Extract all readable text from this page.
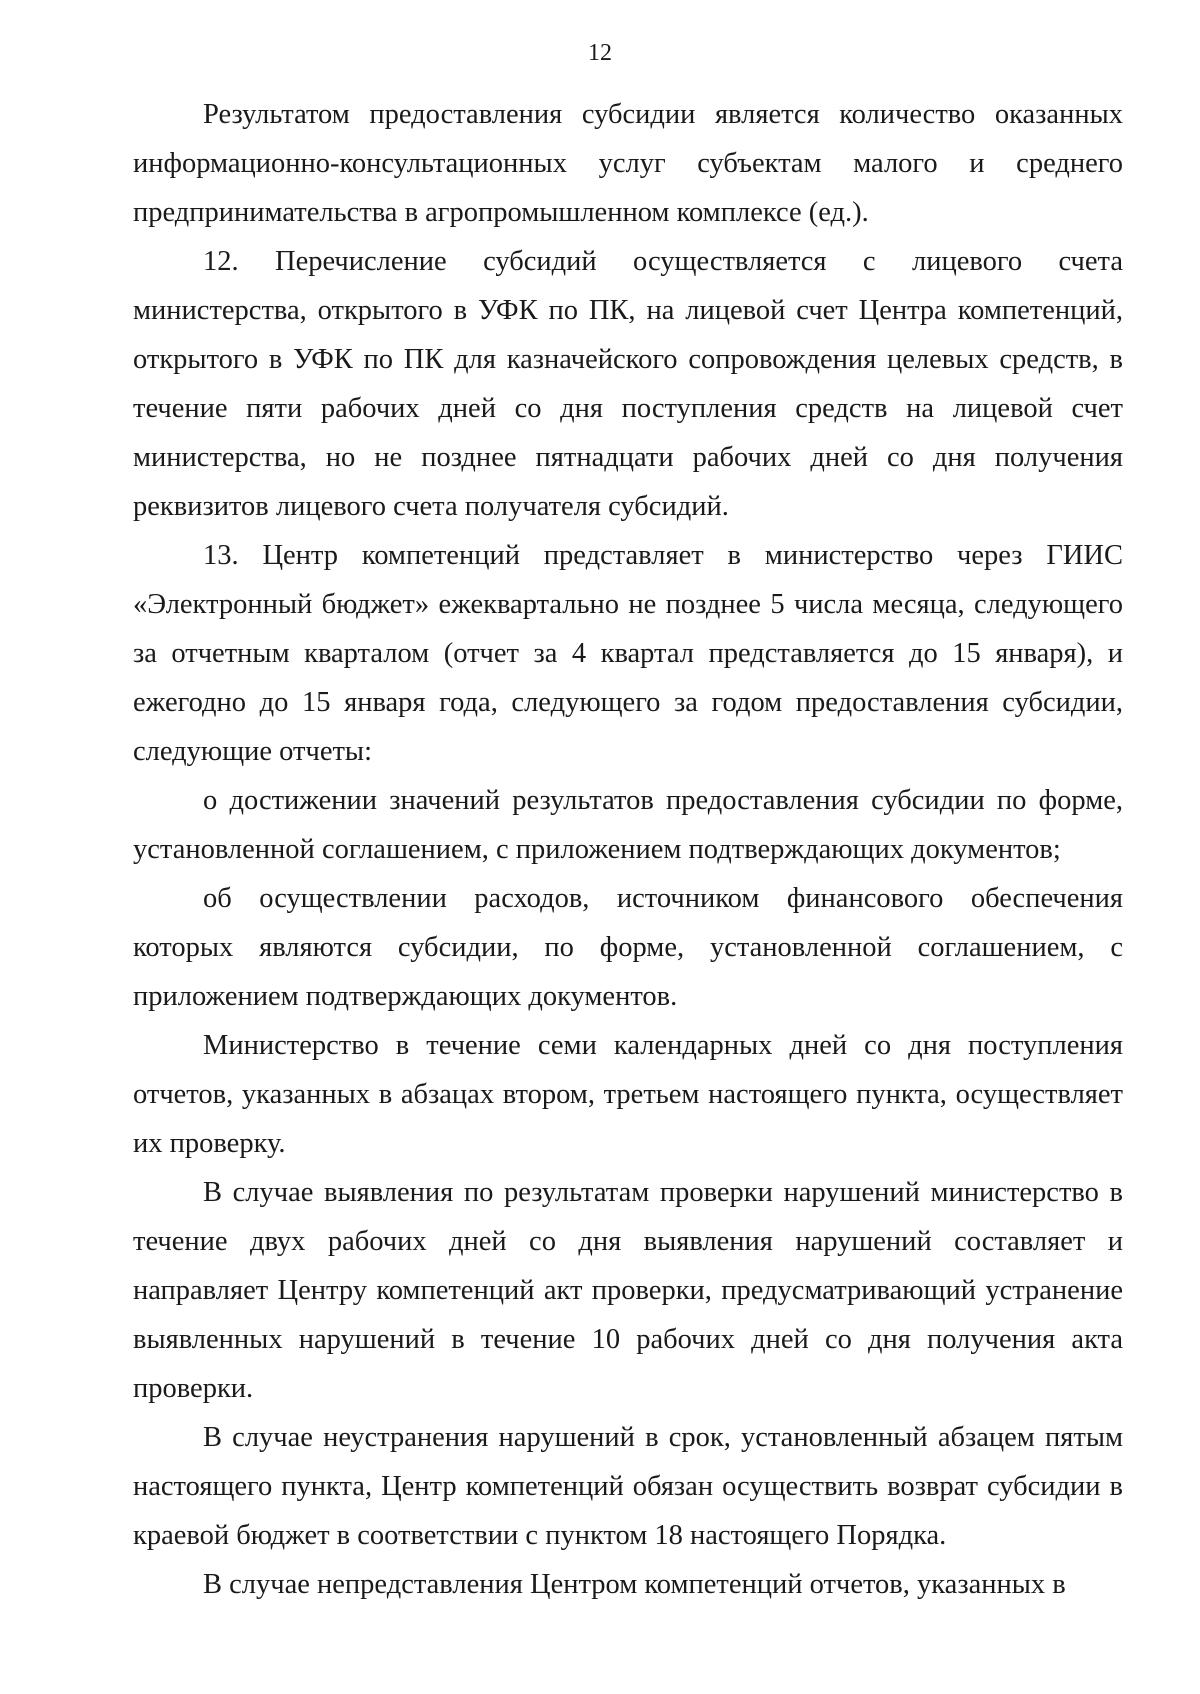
12

Результатом предоставления субсидии является количество оказанных информационно-консультационных услуг субъектам малого и среднего предпринимательства в агропромышленном комплексе (ед.).

12. Перечисление субсидий осуществляется с лицевого счета министерства, открытого в УФК по ПК, на лицевой счет Центра компетенций, открытого в УФК по ПК для казначейского сопровождения целевых средств, в течение пяти рабочих дней со дня поступления средств на лицевой счет министерства, но не позднее пятнадцати рабочих дней со дня получения реквизитов лицевого счета получателя субсидий.

13. Центр компетенций представляет в министерство через ГИИС «Электронный бюджет» ежеквартально не позднее 5 числа месяца, следующего за отчетным кварталом (отчет за 4 квартал представляется до 15 января), и ежегодно до 15 января года, следующего за годом предоставления субсидии, следующие отчеты:

о достижении значений результатов предоставления субсидии по форме, установленной соглашением, с приложением подтверждающих документов;

об осуществлении расходов, источником финансового обеспечения которых являются субсидии, по форме, установленной соглашением, с приложением подтверждающих документов.

Министерство в течение семи календарных дней со дня поступления отчетов, указанных в абзацах втором, третьем настоящего пункта, осуществляет их проверку.

В случае выявления по результатам проверки нарушений министерство в течение двух рабочих дней со дня выявления нарушений составляет и направляет Центру компетенций акт проверки, предусматривающий устранение выявленных нарушений в течение 10 рабочих дней со дня получения акта проверки.

В случае неустранения нарушений в срок, установленный абзацем пятым настоящего пункта, Центр компетенций обязан осуществить возврат субсидии в краевой бюджет в соответствии с пунктом 18 настоящего Порядка.

В случае непредставления Центром компетенций отчетов, указанных в
